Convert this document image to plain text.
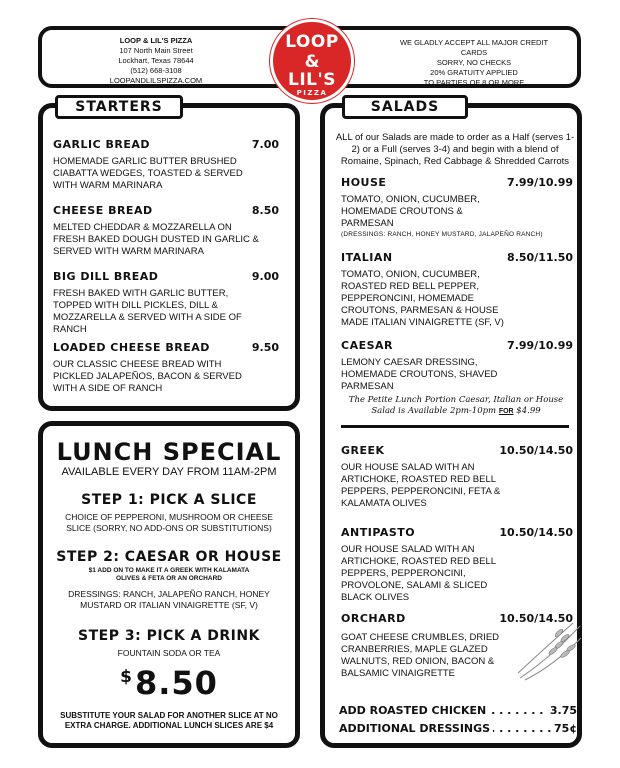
LOOP & LIL'S PIZZA
107 North Main Street
Lockhart, Texas 78644
(512) 668-3108
LOOPANDLILSPIZZA.COM
WE GLADLY ACCEPT ALL MAJOR CREDIT CARDS
SORRY, NO CHECKS
20% GRATUITY APPLIED
TO PARTIES OF 8 OR MORE
LOOP
&
LIL'S
PIZZA
GARLIC BREAD	7.00
HOMEMADE GARLIC BUTTER BRUSHED CIABATTA WEDGES, TOASTED & SERVED WITH WARM MARINARA
CHEESE BREAD	8.50
MELTED CHEDDAR & MOZZARELLA ON FRESH BAKED DOUGH DUSTED IN GARLIC & SERVED WITH WARM MARINARA
BIG DILL BREAD	9.00
FRESH BAKED WITH GARLIC BUTTER, TOPPED WITH DILL PICKLES, DILL & MOZZARELLA & SERVED WITH A SIDE OF RANCH
LOADED CHEESE BREAD	9.50
OUR CLASSIC CHEESE BREAD WITH PICKLED JALAPEÑOS, BACON & SERVED WITH A SIDE OF RANCH
STARTERS
LUNCH SPECIAL
AVAILABLE EVERY DAY FROM 11AM-2PM
STEP 1: PICK A SLICE
CHOICE OF PEPPERONI, MUSHROOM OR CHEESE SLICE (SORRY, NO ADD-ONS OR SUBSTITUTIONS)
STEP 2: CAESAR OR HOUSE
$1 ADD ON TO MAKE IT A GREEK WITH KALAMATA OLIVES & FETA OR AN ORCHARD
DRESSINGS: RANCH, JALAPEÑO RANCH, HONEY MUSTARD OR ITALIAN VINAIGRETTE (SF, V)
STEP 3: PICK A DRINK
FOUNTAIN SODA OR TEA
$8.50
SUBSTITUTE YOUR SALAD FOR ANOTHER SLICE AT NO EXTRA CHARGE. ADDITIONAL LUNCH SLICES ARE $4
ALL of our Salads are made to order as a Half (serves 1-2) or a Full (serves 3-4) and begin with a blend of Romaine, Spinach, Red Cabbage & Shredded Carrots
HOUSE	7.99/10.99
TOMATO, ONION, CUCUMBER, HOMEMADE CROUTONS & PARMESAN
(DRESSINGS: RANCH, HONEY MUSTARD, JALAPEÑO RANCH)
ITALIAN	8.50/11.50
TOMATO, ONION, CUCUMBER, ROASTED RED BELL PEPPER, PEPPERONCINI, HOMEMADE CROUTONS, PARMESAN & HOUSE MADE ITALIAN VINAIGRETTE (SF, V)
CAESAR	7.99/10.99
LEMONY CAESAR DRESSING, HOMEMADE CROUTONS, SHAVED PARMESAN
The Petite Lunch Portion Caesar, Italian or House
Salad is Available 2pm-10pm FOR $4.99
GREEK	10.50/14.50
OUR HOUSE SALAD WITH AN ARTICHOKE, ROASTED RED BELL PEPPERS, PEPPERONCINI, FETA & KALAMATA OLIVES
ANTIPASTO	10.50/14.50
OUR HOUSE SALAD WITH AN ARTICHOKE, ROASTED RED BELL PEPPERS, PEPPERONCINI, PROVOLONE, SALAMI & SLICED BLACK OLIVES
ORCHARD	10.50/14.50
GOAT CHEESE CRUMBLES, DRIED CRANBERRIES, MAPLE GLAZED WALNUTS, RED ONION, BACON & BALSAMIC VINAIGRETTE
. . . . . . .
ADD ROASTED CHICKEN	3.75
. . . . . . . .
ADDITIONAL DRESSINGS	75¢
SALADS
